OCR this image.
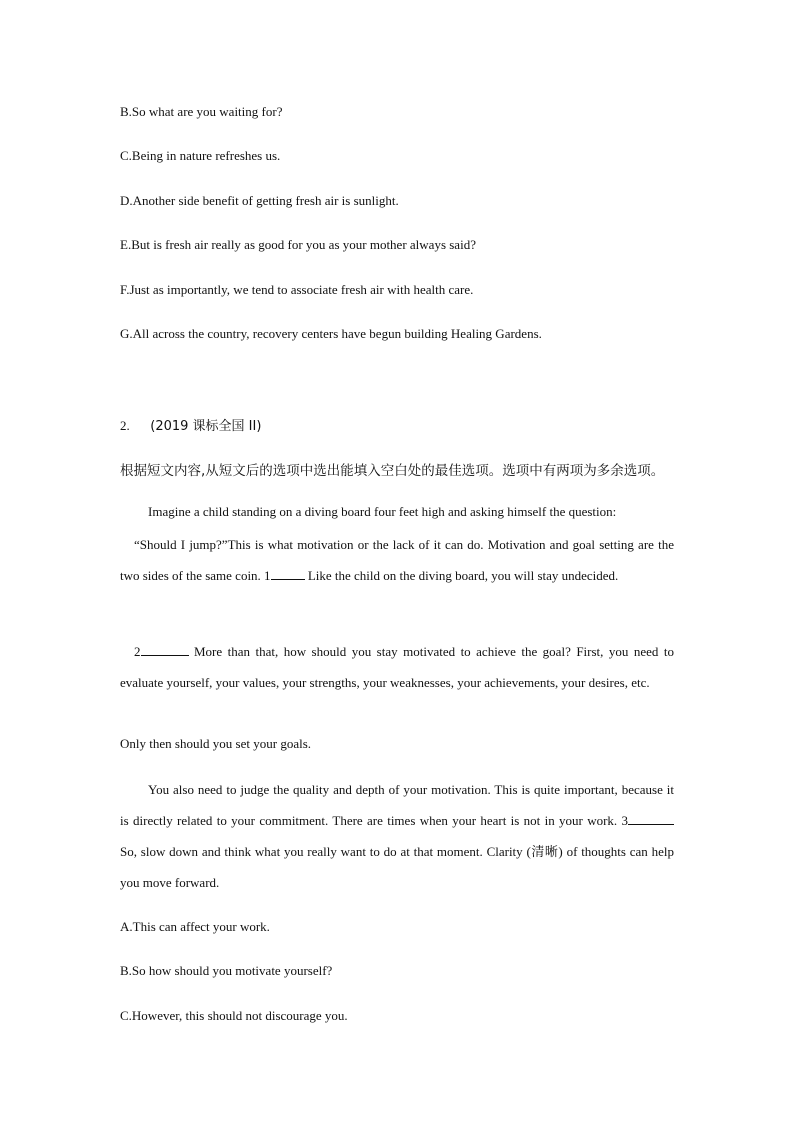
B.So what are you waiting for?
C.Being in nature refreshes us.
D.Another side benefit of getting fresh air is sunlight.
E.But is fresh air really as good for you as your mother always said?
F.Just as importantly, we tend to associate fresh air with health care.
G.All across the country, recovery centers have begun building Healing Gardens.
2. (2019 课标全国 II)
根据短文内容,从短文后的选项中选出能填入空白处的最佳选项。选项中有两项为多余选项。
Imagine a child standing on a diving board four feet high and asking himself the question:
“Should I jump?”This is what motivation or the lack of it can do. Motivation and goal setting are the two sides of the same coin. 1	Like the child on the diving board, you will stay undecided.
2	More than that, how should you stay motivated to achieve the goal? First, you need to evaluate yourself, your values, your strengths, your weaknesses, your achievements, your desires, etc.
Only then should you set your goals.
You also need to judge the quality and depth of your motivation. This is quite important, because it is directly related to your commitment. There are times when your heart is not in your work. 3 So, slow down and think what you really want to do at that moment. Clarity (清晰) of thoughts can help you move forward.
A.This can affect your work.
B.So how should you motivate yourself?
C.However, this should not discourage you.
